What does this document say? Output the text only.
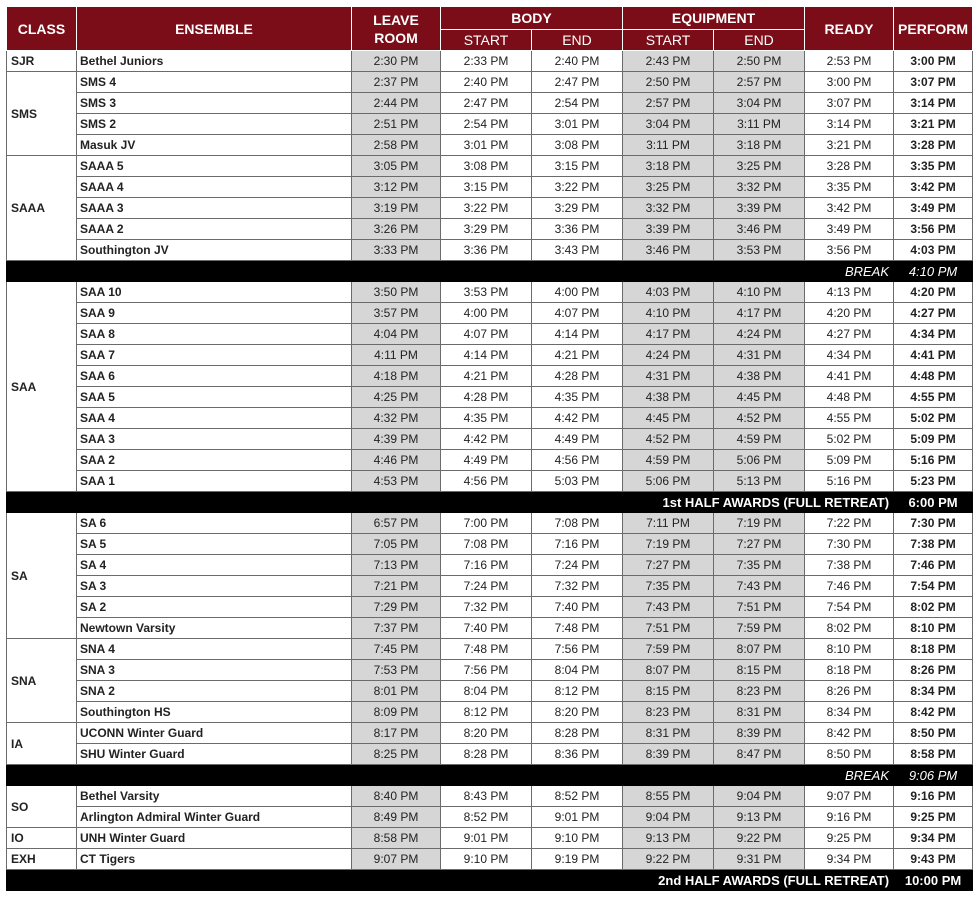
CLASS	ENSEMBLE	LEAVE ROOM	BODY		EQUIPMENT		READY	PERFORM
			START	END	START	END		
SJR	Bethel Juniors	2:30 PM	2:33 PM	2:40 PM	2:43 PM	2:50 PM	2:53 PM	3:00 PM
SMS	SMS 4	2:37 PM	2:40 PM	2:47 PM	2:50 PM	2:57 PM	3:00 PM	3:07 PM
	SMS 3	2:44 PM	2:47 PM	2:54 PM	2:57 PM	3:04 PM	3:07 PM	3:14 PM
	SMS 2	2:51 PM	2:54 PM	3:01 PM	3:04 PM	3:11 PM	3:14 PM	3:21 PM
	Masuk JV	2:58 PM	3:01 PM	3:08 PM	3:11 PM	3:18 PM	3:21 PM	3:28 PM
SAAA	SAAA 5	3:05 PM	3:08 PM	3:15 PM	3:18 PM	3:25 PM	3:28 PM	3:35 PM
	SAAA 4	3:12 PM	3:15 PM	3:22 PM	3:25 PM	3:32 PM	3:35 PM	3:42 PM
	SAAA 3	3:19 PM	3:22 PM	3:29 PM	3:32 PM	3:39 PM	3:42 PM	3:49 PM
	SAAA 2	3:26 PM	3:29 PM	3:36 PM	3:39 PM	3:46 PM	3:49 PM	3:56 PM
	Southington JV	3:33 PM	3:36 PM	3:43 PM	3:46 PM	3:53 PM	3:56 PM	4:03 PM
BREAK								4:10 PM
SAA	SAA 10	3:50 PM	3:53 PM	4:00 PM	4:03 PM	4:10 PM	4:13 PM	4:20 PM
	SAA 9	3:57 PM	4:00 PM	4:07 PM	4:10 PM	4:17 PM	4:20 PM	4:27 PM
	SAA 8	4:04 PM	4:07 PM	4:14 PM	4:17 PM	4:24 PM	4:27 PM	4:34 PM
	SAA 7	4:11 PM	4:14 PM	4:21 PM	4:24 PM	4:31 PM	4:34 PM	4:41 PM
	SAA 6	4:18 PM	4:21 PM	4:28 PM	4:31 PM	4:38 PM	4:41 PM	4:48 PM
	SAA 5	4:25 PM	4:28 PM	4:35 PM	4:38 PM	4:45 PM	4:48 PM	4:55 PM
	SAA 4	4:32 PM	4:35 PM	4:42 PM	4:45 PM	4:52 PM	4:55 PM	5:02 PM
	SAA 3	4:39 PM	4:42 PM	4:49 PM	4:52 PM	4:59 PM	5:02 PM	5:09 PM
	SAA 2	4:46 PM	4:49 PM	4:56 PM	4:59 PM	5:06 PM	5:09 PM	5:16 PM
	SAA 1	4:53 PM	4:56 PM	5:03 PM	5:06 PM	5:13 PM	5:16 PM	5:23 PM
1st HALF AWARDS (FULL RETREAT)								6:00 PM
SA	SA 6	6:57 PM	7:00 PM	7:08 PM	7:11 PM	7:19 PM	7:22 PM	7:30 PM
	SA 5	7:05 PM	7:08 PM	7:16 PM	7:19 PM	7:27 PM	7:30 PM	7:38 PM
	SA 4	7:13 PM	7:16 PM	7:24 PM	7:27 PM	7:35 PM	7:38 PM	7:46 PM
	SA 3	7:21 PM	7:24 PM	7:32 PM	7:35 PM	7:43 PM	7:46 PM	7:54 PM
	SA 2	7:29 PM	7:32 PM	7:40 PM	7:43 PM	7:51 PM	7:54 PM	8:02 PM
	Newtown Varsity	7:37 PM	7:40 PM	7:48 PM	7:51 PM	7:59 PM	8:02 PM	8:10 PM
SNA	SNA 4	7:45 PM	7:48 PM	7:56 PM	7:59 PM	8:07 PM	8:10 PM	8:18 PM
	SNA 3	7:53 PM	7:56 PM	8:04 PM	8:07 PM	8:15 PM	8:18 PM	8:26 PM
	SNA 2	8:01 PM	8:04 PM	8:12 PM	8:15 PM	8:23 PM	8:26 PM	8:34 PM
	Southington HS	8:09 PM	8:12 PM	8:20 PM	8:23 PM	8:31 PM	8:34 PM	8:42 PM
IA	UCONN Winter Guard	8:17 PM	8:20 PM	8:28 PM	8:31 PM	8:39 PM	8:42 PM	8:50 PM
	SHU Winter Guard	8:25 PM	8:28 PM	8:36 PM	8:39 PM	8:47 PM	8:50 PM	8:58 PM
BREAK								9:06 PM
SO	Bethel Varsity	8:40 PM	8:43 PM	8:52 PM	8:55 PM	9:04 PM	9:07 PM	9:16 PM
	Arlington Admiral Winter Guard	8:49 PM	8:52 PM	9:01 PM	9:04 PM	9:13 PM	9:16 PM	9:25 PM
IO	UNH Winter Guard	8:58 PM	9:01 PM	9:10 PM	9:13 PM	9:22 PM	9:25 PM	9:34 PM
EXH	CT Tigers	9:07 PM	9:10 PM	9:19 PM	9:22 PM	9:31 PM	9:34 PM	9:43 PM
2nd HALF AWARDS (FULL RETREAT)								10:00 PM
